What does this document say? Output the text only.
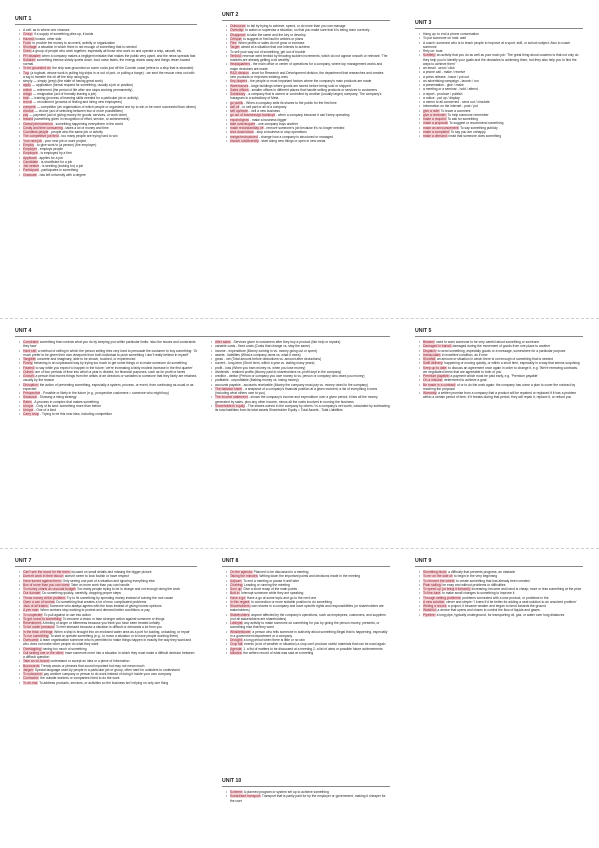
UNIT 1
• A cell: as to where one chooses
• Group: if a supply of something piles up, it lands
• Hazard: invade, other side
• Fund: to provide the money to an event, activity or organization
• Shortage: a situation in which there is not enough of something that is needed
• Crew: a group of people who work together, especially all those who work on and operate a ship, aircraft, etc.
• PR disaster: when a company makes a negligent mistake that makes the public very upset, and the news spreads fast
• Subside: something intense slowly quiets down, loud noise fades, the energy drains away and things return toward normal
• To be grounded on: the ship was grounded on some rocks just off the Cornish coast (refers to a ship that is stranded)
• Tug: (a tugboat, whose work is pulling big ships in or out of port, or pulling a barge) - we sent the rescue crew out with a tug to transfer the oil off the ship using tugs
• simply — simply (prep) (the state of having great work)
• apply — application (formal request for something, usually a job or position)
• online — retirement (the period of life after one stops working permanently)
• resign — resignation (act of formally leaving a job)
• train — training (process of learning skills needed for a particular job or activity)
• recruit — recruitment (process of finding and hiring new employees)
• compete — competitor (an organization of which people or organized one try to win or be more successful than others)
• choose — choice (act of selecting between two or more possibilities)
• pay — payment (act of giving money for goods, services, or work done)
• reward (something given in recognition of effort, service, or achievement)
• Global phenomenon - something happening everywhere in the world
• Costly and time consuming - takes a lot of money and time
• Countless people - people who the same job or activity
• The competitive job field - too many people are trying hard to win
• Your new job - your new job or work project
• Employ - to give work to (a person) (the employer)
• Employer - employs people
• Employee - is employed by a firm
• Applicant - applies for a job
• Candidate - is shortlisted for a job
• Job seeker - is seeking (looking for) a job
• Participant - participates in something
• Graduate - has left university with a degree
UNIT 2
• Outsource: to fail by trying to achieve, spend, or do more than you can manage
• Overstep: to watch or supervise a situation, so that you make sure that it is being done correctly
• Disappear: to take the same and the key or develop
• Critique: to suggest or find fault in articles or plans
• Flex: When profits or sales do not grow or increase
• Target: aimed at a situation that one intends to achieve
• To sell your way out of something, get out of trouble
• Tenfold: revenue went tenfold by throwing sudden increments, which do not appear smooth or relevant: 'The markets are already getting a lot wealthy'
• Headquarters - the main office or center of operations for a company, where top management works and major decisions are made
• R&D division - short for Research and Development division, the department that researches and creates new products or improves existing ones
• Key players - the people or most important factors where the company's main products are made
• Warehouses - large buildings where goods are stored before being sold or shipped
• Sales offices - smaller offices in different places that handle selling products or services to customers
• Subsidiary - a company that is owned or controlled by another (usually larger) company; The company's Instagram is a subsidiary of Meta
• go public - When a company sells its shares to the public for the first time
• sell off - to sell part or all of a company
• sell up/down - sell a new business
• go out of business/go bankrupt - when a company because it can't keep operating
• expand/grow - make a business bigger
• take over/acquire - one company buys another
• make redundant/lay off - remove someone's job because it's no longer needed
• shut down/close - stop a business or stop operations
• merge/restructured - change how a company is structured or managed
• branch out/diversify - start doing new things or open in new areas
UNIT 3
• Hang up: to end a phone conversation
• To put someone on hold: wait
• A coach: someone who is to teach people to improve at a sport, skill, or school subject. Also to coach someone
• Rely on: trust
• Subtlety: an activity that you do as well as your main job: 'The great thing about coaches is that not only do they help you to identify your goals and the obstacles to achieving them, but they also help you to find the ways to achieve them'
• an email - send / click
• a phone call - make / receive
• a press release - issue / put out
• an advertising campaign - launch / run
• a presentation - give / make
• a meeting or a seminar - hold / attend
• a report - produce / publish
• a notice - put up / display
• a memo to all concerned - send out / circulate
• information on the internet - post / put
• give a note: To leave a comment
• give a reminder: To help someone remember
• make a request: To ask for something
• make a proposal: To suggest or recommend something
• make an announcement: To say something publicly
• make a complaint: To say you are unhappy
• make a demand: insist that someone does something
UNIT 4
• Constraint: something that controls what you do by keeping you within particular limits: 'also the issues and constraints they face'
• Hard sell: a method of selling in which the person selling tries very hard to persuade the customer to buy something: 'Or much prefer to be given their own viewpoint from both individual to push something I don't really believe in myself'
• Tangible: concrete and imaginary; able to be shown, touched, or experienced
• Pushy: behaving in an unpleasant way by trying too much to get some things or to make someone do something
• Fixated: to say while you expect to happen in the future: 'we're increasing a fairly modest increase in the first quarter'
• Outset: one of four periods of time into which a year is divided, for financial purposes, such as for profit or taxes
• Growth: a person that moves things from the artists of art directors or variables to someone that they likely are retained, usually by the reason
• Disruption: the action of preventing something, especially a system, process, or event, from continuing as usual or as expected
• Prospective - Possible or likely in the future (e.g., prospective customers = someone who might buy)
• Seasonal - Showing a rising strategy
• Rates - A process in complex that makes something
• Unique - Only of its kind: something more than before
• Unique - One of a kind
• Carry shop - Trying to be this new idea, including competition
• After sales - Services given to customers after they buy a product (like help or repairs)
• variable costs - fixed costs (Costs that change vs. stay the same)
• income - expenditure (Money coming in vs. money going out or spent)
• assets - liabilities (What a company owns vs. what it owes)
• gross - net (Total amount before deductions vs. amount after deductions)
• current - long-term (Short term, within a year vs. lasting many years)
• profit - loss (When you earn money vs. when you lose money)
• dividends - retained profits (Money paid to shareholders vs. profit kept in the company)
• creditor - debtor (Person or company you owe money to vs. person or company who owes you money)
• profitable - unprofitable (Making money vs. losing money)
• accounts payable - accounts receivable (Money the company must pay vs. money owed to the company)
• The balance sheet - a snapshot of a company's financial position at a given moment; a list of everything it owns (including what others owe to you)
• The income statement - shows the company's income and expenditure over a given period; it lists all the money generated by sales, plus any other income, minus all the costs involved in running the business
• Shareholders' equity - The shares owned in the company by others / is a company's net worth, calculated by subtracting its total liabilities from its total assets Shareholder Equity = Total Assets - Total Liabilities
UNIT 5
• Beware: used to warn someone to be very careful about something or someone
• Damaged in transit: damaged during the movement of goods from one place to another
• Dispatch: to send something, especially goods or a message, somewhere for a particular purpose
• Immaculate: in excellent condition, as if new
• Shortfall: an amount or situation in which there is not enough of something that is needed
• Swift delivery: happening or moving quickly, or within a short time, especially in a way that seems surprising
• Keep up to date: to discuss an agreement once again in order to change it, e.g. 'We're renewing contracts, we negotiated terms that are agreeable to both of you'
• Premium payable: a payment which must be paid early, e.g. 'Premium payable'
• On a mission: determined to achieve a goal
• Be made in a contract: of or to do the work again: the company has come a plan to cover the contract by reaching the proposal
• Warranty: a written promise from a company that a product will be repaired or replaced if it has a problem within a certain period of time; if it breaks during that period, they will repair it, replace it, or refund you
UNIT 7
• Can't see the wood for the trees: focused on small details and missing the bigger picture
• Doesn't work in their favour: doesn't seem to look foolish or have respect
• Have turned against them: Only seeing one part of a situation and ignoring everything else
• Box of more than you can chew: Take on more work than you can handle
• To money charts an unusual budget: Too many people trying to be in charge and not enough doing the work
• Our domain: Do something quickly, carefully, dropping proper steps
• Throw money at the problem: Try to fix something by spending money instead of solving the root cause
• Open a can of worms: Do something that creates a lot of new, complicated problems
• Jack of all trades: Someone who always agrees with the boss instead of giving honest opinions
• A yes man: When workers stop working to protest and demand better conditions or pay
• To cooperate: To pull against or use into action
• To get round to something: To become a vision or take stronger action against someone or things
• Resentment: A feeling of anger or bitterness because you think you have been treated unfairly
• To be under pressure: To feel stressed because a situation is difficult or demands a lot from you
• In the thick of things: When a ship is brought into an enclosed water area as a port for loading, unloading, or repair
• To run something: To start or operate something (e.g., to move a situation or to have people working there)
• Overcome: A team organisation someone who is permitted to make things happen in exactly the way they want and who does not make other people do what they want
• Overlapping: having too much of something
• Out seeing one or the other: have someone more into a situation in which they must make a difficult decision between a difficult question
• Take an on-board: understand or accept an idea or a piece of information
• Buzzwords: Trendy words or phrases that sound important but may not mean much
• Jargon: Special language used by people in a particular job or group, often hard for outsiders to understand
• To outsource: pay another company or person to do work instead of doing it inside your own company
• Contractor: the outside workers or companies hired to do the work
• To de-risk: To address products, services, or activities so the business isn't relying on only one thing
UNIT 8
• On the agenda: Planned to be discussed in a meeting
• Taking the minutes: Writing down the important points and decisions made in the meeting
• Adjourn: To end a meeting or pause it until later
• Chairing: Leading or running the meeting
• Sum up: Give a short recap of the main points
• Butt in: Interrupt someone while they are speaking
• Have a go: Have a go at some topic and go to the next one
• In this regard: In connection or more suitable position to do something
• Shareholders: own shares in a company and have specific rights and responsibilities (or shareholders are stakeholders)
• Stakeholders: anyone affected by the company's operations, such as employees, customers, and suppliers (not all stakeholders are shareholders)
• Lobbyist: any activity to make someone do something for you by giving the person money, presents, or something else that they want
• Whistleblower: a person who tells someone in authority about something illegal that is happening, especially in a government department or a company
• Drought: a long period when there is little or no rain
• Crop fail: events (a lot of weather or situation) a crop can't produce useful materials that can be used again
• Agenda: 1. a list of matters to be discussed at a meeting 2. a list of aims or possible future achievements
• Minutes: the written record of what was said at a meeting
UNIT 10
• Scheme: A planned program or system set up to achieve something
• Subsidised transport: Transport that is partly paid for by the employer or government, making it cheaper for the user
UNIT 9
• Stumbling block: a difficulty that prevents progress; an obstacle
• To err on the side of: to begin in the very beginning
• To reinvent the wheel: to create something that has already been created
• Plain sailing: be easy and without problems or difficulties
• To speed up (or bring it forward): increasing; become and hand is cheap; more or less something at the price
• To fine-tune: to make small changes to something to improve it
• Through setting problems: problems connected with a new product, or problems in the
• A new solution: clever and simple: 'I knew it'd be better for adding a neat solution to an unsolved problem'
• Writing a record: a project, it became weaker and began to bend towards the ground
• Watchful: a device that opens and closes to control the flow of liquids and gases
• Pipeline: a long pipe, typically underground, for transporting oil, gas, or water over long distances
